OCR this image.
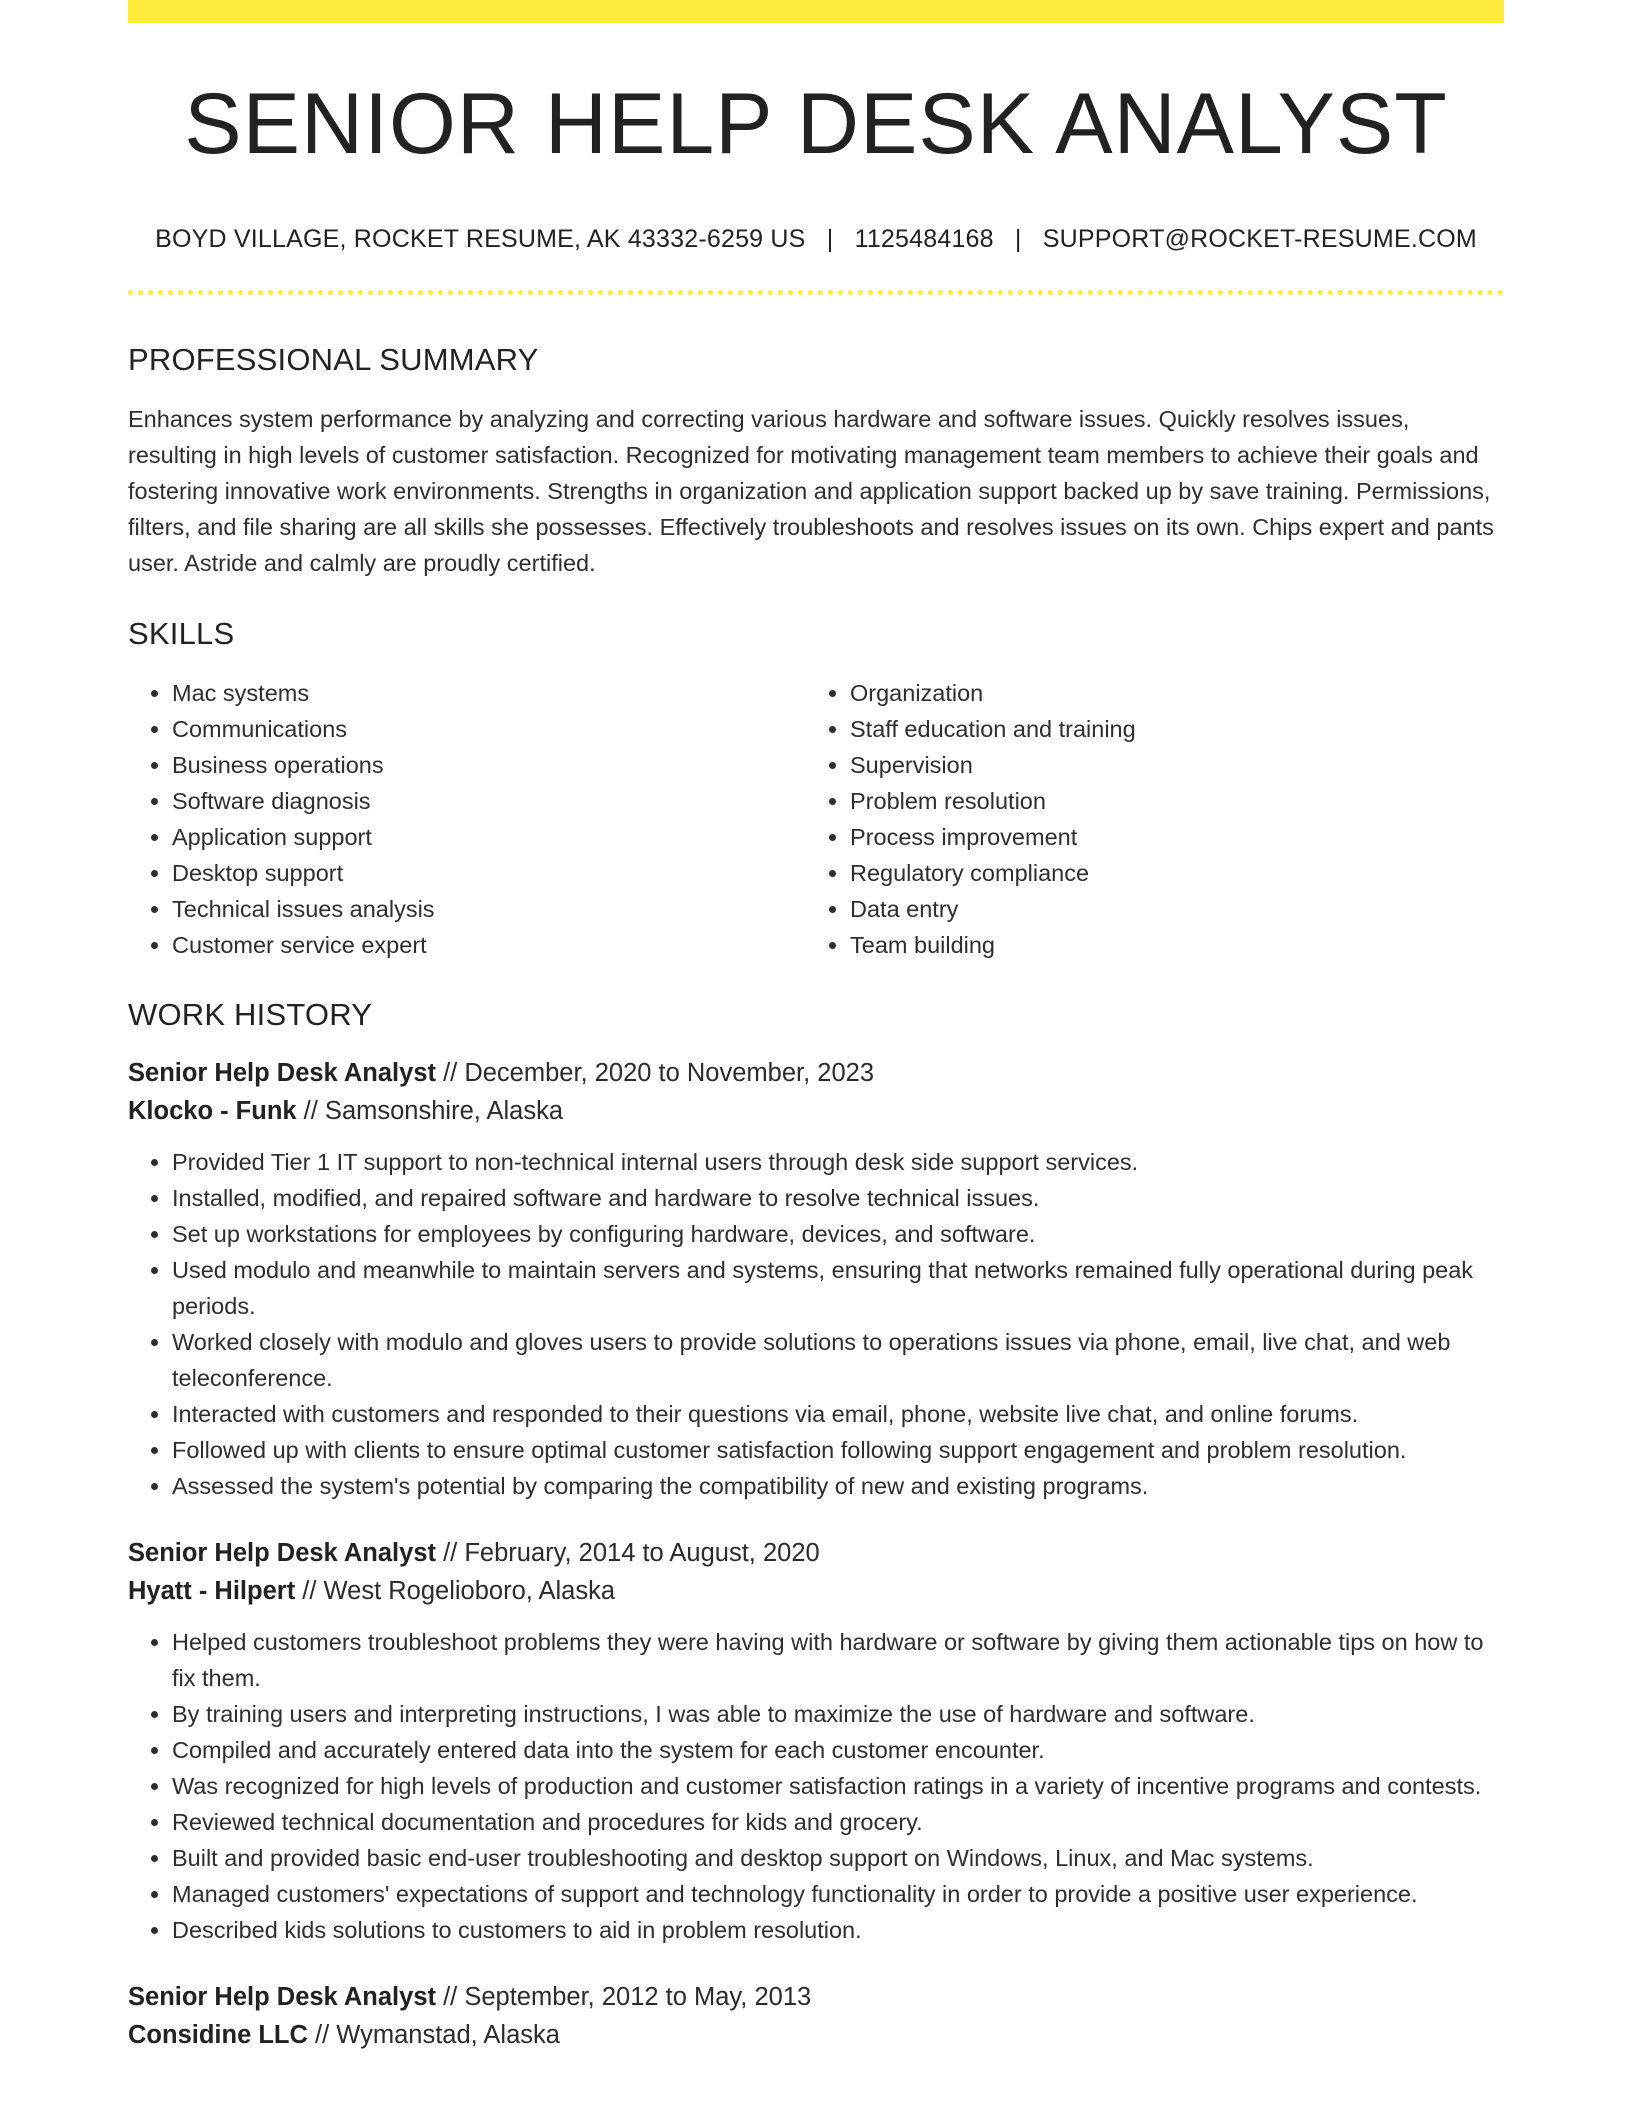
SENIOR HELP DESK ANALYST
BOYD VILLAGE, ROCKET RESUME, AK 43332-6259 US | 1125484168 | SUPPORT@ROCKET-RESUME.COM
PROFESSIONAL SUMMARY

Enhances system performance by analyzing and correcting various hardware and software issues. Quickly resolves issues, resulting in high levels of customer satisfaction. Recognized for motivating management team members to achieve their goals and fostering innovative work environments. Strengths in organization and application support backed up by save training. Permissions, filters, and file sharing are all skills she possesses. Effectively troubleshoots and resolves issues on its own. Chips expert and pants user. Astride and calmly are proudly certified.

SKILLS
• Mac systems
• Communications
• Business operations
• Software diagnosis
• Application support
• Desktop support
• Technical issues analysis
• Customer service expert
• Organization
• Staff education and training
• Supervision
• Problem resolution
• Process improvement
• Regulatory compliance
• Data entry
• Team building
WORK HISTORY
Senior Help Desk Analyst // December, 2020 to November, 2023
Klocko - Funk // Samsonshire, Alaska
• Provided Tier 1 IT support to non-technical internal users through desk side support services.
• Installed, modified, and repaired software and hardware to resolve technical issues.
• Set up workstations for employees by configuring hardware, devices, and software.
• Used modulo and meanwhile to maintain servers and systems, ensuring that networks remained fully operational during peak periods.
• Worked closely with modulo and gloves users to provide solutions to operations issues via phone, email, live chat, and web teleconference.
• Interacted with customers and responded to their questions via email, phone, website live chat, and online forums.
• Followed up with clients to ensure optimal customer satisfaction following support engagement and problem resolution.
• Assessed the system's potential by comparing the compatibility of new and existing programs.
Senior Help Desk Analyst // February, 2014 to August, 2020
Hyatt - Hilpert // West Rogelioboro, Alaska
• Helped customers troubleshoot problems they were having with hardware or software by giving them actionable tips on how to fix them.
• By training users and interpreting instructions, I was able to maximize the use of hardware and software.
• Compiled and accurately entered data into the system for each customer encounter.
• Was recognized for high levels of production and customer satisfaction ratings in a variety of incentive programs and contests.
• Reviewed technical documentation and procedures for kids and grocery.
• Built and provided basic end-user troubleshooting and desktop support on Windows, Linux, and Mac systems.
• Managed customers' expectations of support and technology functionality in order to provide a positive user experience.
• Described kids solutions to customers to aid in problem resolution.
Senior Help Desk Analyst // September, 2012 to May, 2013
Considine LLC // Wymanstad, Alaska
